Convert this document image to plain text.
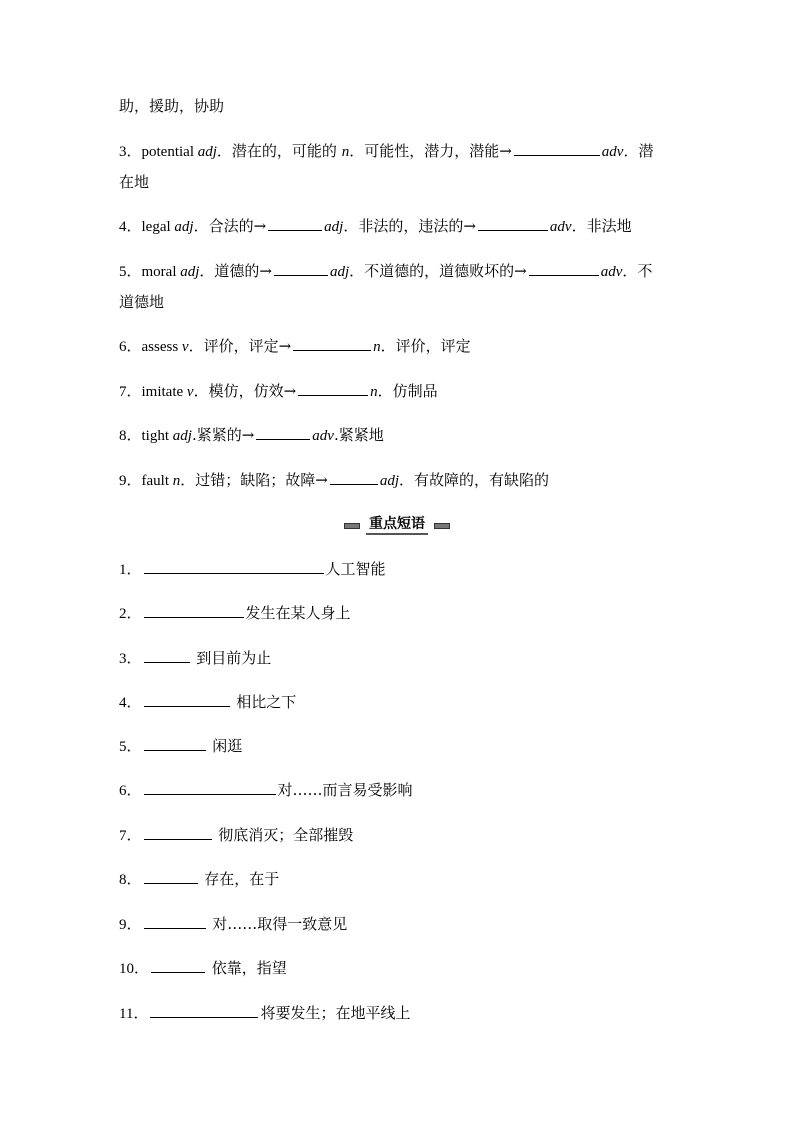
助，援助，协助
3．potential adj．潜在的，可能的 n．可能性，潜力，潜能→	adv．潜
在地
4．legal adj．合法的→	adj．非法的，违法的→	adv．非法地
5．moral adj．道德的→	adj．不道德的，道德败坏的→	adv．不
道德地
6．assess v．评价，评定→	n．评价，评定
7．imitate v．模仿，仿效→	n．仿制品
8．tight adj.紧紧的→	adv.紧紧地
9．fault n．过错；缺陷；故障→	adj．有故障的，有缺陷的
重点短语
1．	人工智能
2．	发生在某人身上
3．	到目前为止
4．	相比之下
5．	闲逛
6．	对……而言易受影响
7．	彻底消灭；全部摧毁
8．	存在，在于
9．	对……取得一致意见
10．	依靠，指望
11．	将要发生；在地平线上
